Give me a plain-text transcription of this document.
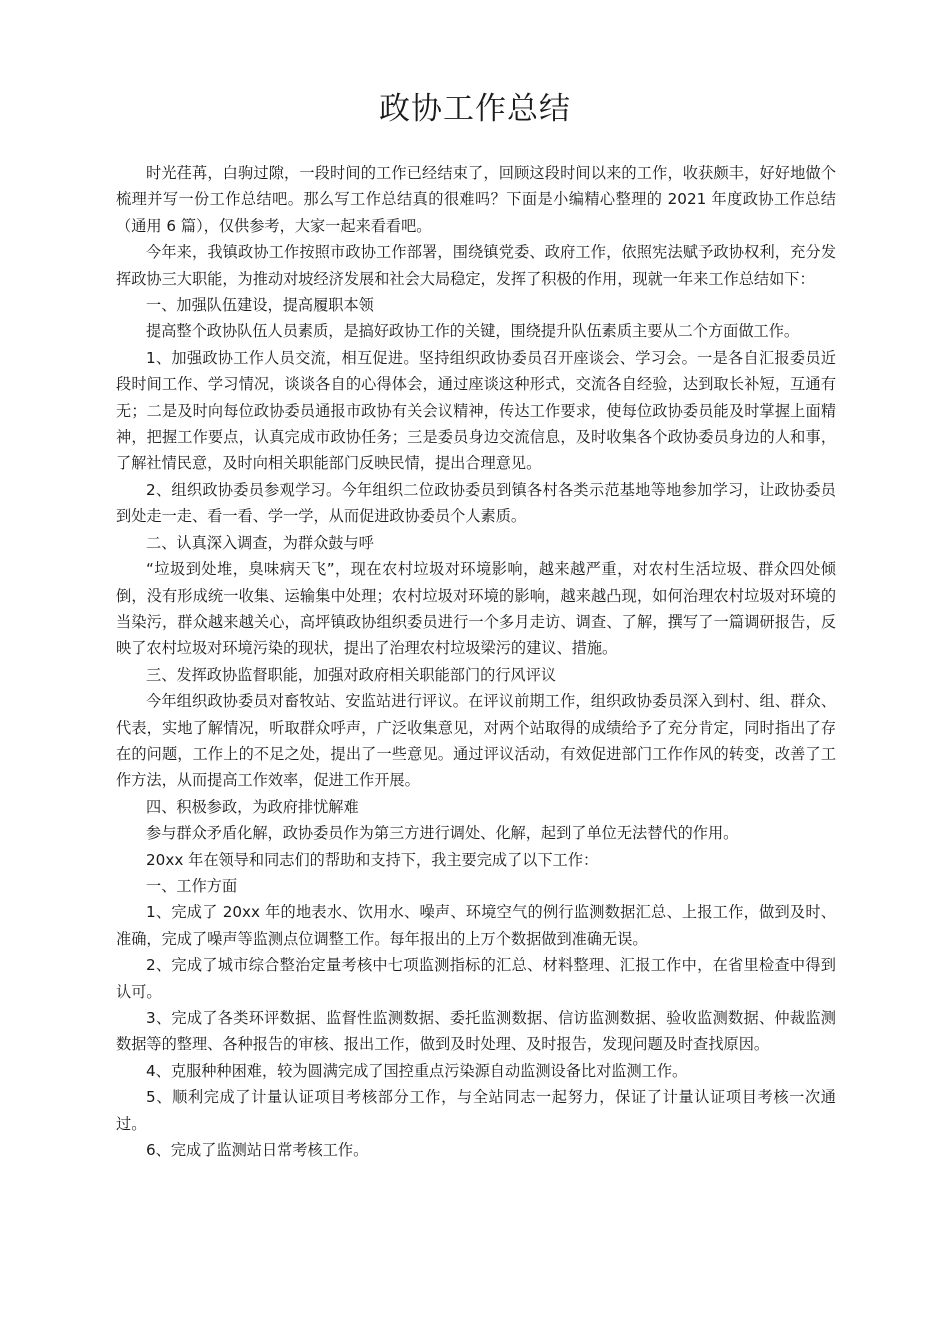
政协工作总结

时光荏苒，白驹过隙，一段时间的工作已经结束了，回顾这段时间以来的工作，收获颇丰，好好地做个梳理并写一份工作总结吧。那么写工作总结真的很难吗？下面是小编精心整理的 2021 年度政协工作总结（通用 6 篇），仅供参考，大家一起来看看吧。

今年来，我镇政协工作按照市政协工作部署，围绕镇党委、政府工作，依照宪法赋予政协权利，充分发挥政协三大职能，为推动对坡经济发展和社会大局稳定，发挥了积极的作用，现就一年来工作总结如下：

一、加强队伍建设，提高履职本领

提高整个政协队伍人员素质，是搞好政协工作的关键，围绕提升队伍素质主要从二个方面做工作。

1、加强政协工作人员交流，相互促进。坚持组织政协委员召开座谈会、学习会。一是各自汇报委员近段时间工作、学习情况，谈谈各自的心得体会，通过座谈这种形式，交流各自经验，达到取长补短，互通有无；二是及时向每位政协委员通报市政协有关会议精神，传达工作要求，使每位政协委员能及时掌握上面精神，把握工作要点，认真完成市政协任务；三是委员身边交流信息，及时收集各个政协委员身边的人和事，了解社情民意，及时向相关职能部门反映民情，提出合理意见。

2、组织政协委员参观学习。今年组织二位政协委员到镇各村各类示范基地等地参加学习，让政协委员到处走一走、看一看、学一学，从而促进政协委员个人素质。

二、认真深入调查，为群众鼓与呼

“垃圾到处堆，臭味病天飞”，现在农村垃圾对环境影响，越来越严重，对农村生活垃圾、群众四处倾倒，没有形成统一收集、运输集中处理；农村垃圾对环境的影响，越来越凸现，如何治理农村垃圾对环境的当染污，群众越来越关心，高坪镇政协组织委员进行一个多月走访、调查、了解，撰写了一篇调研报告，反映了农村垃圾对环境污染的现状，提出了治理农村垃圾梁污的建议、措施。

三、发挥政协监督职能，加强对政府相关职能部门的行风评议

今年组织政协委员对畜牧站、安监站进行评议。在评议前期工作，组织政协委员深入到村、组、群众、代表，实地了解情况，听取群众呼声，广泛收集意见，对两个站取得的成绩给予了充分肯定，同时指出了存在的问题，工作上的不足之处，提出了一些意见。通过评议活动，有效促进部门工作作风的转变，改善了工作方法，从而提高工作效率，促进工作开展。

四、积极参政，为政府排忧解难

参与群众矛盾化解，政协委员作为第三方进行调处、化解，起到了单位无法替代的作用。

20xx 年在领导和同志们的帮助和支持下，我主要完成了以下工作：

一、工作方面

1、完成了 20xx 年的地表水、饮用水、噪声、环境空气的例行监测数据汇总、上报工作，做到及时、准确，完成了噪声等监测点位调整工作。每年报出的上万个数据做到准确无误。

2、完成了城市综合整治定量考核中七项监测指标的汇总、材料整理、汇报工作中，在省里检查中得到认可。

3、完成了各类环评数据、监督性监测数据、委托监测数据、信访监测数据、验收监测数据、仲裁监测数据等的整理、各种报告的审核、报出工作，做到及时处理、及时报告，发现问题及时查找原因。

4、克服种种困难，较为圆满完成了国控重点污染源自动监测设备比对监测工作。

5、顺利完成了计量认证项目考核部分工作，与全站同志一起努力，保证了计量认证项目考核一次通过。

6、完成了监测站日常考核工作。
